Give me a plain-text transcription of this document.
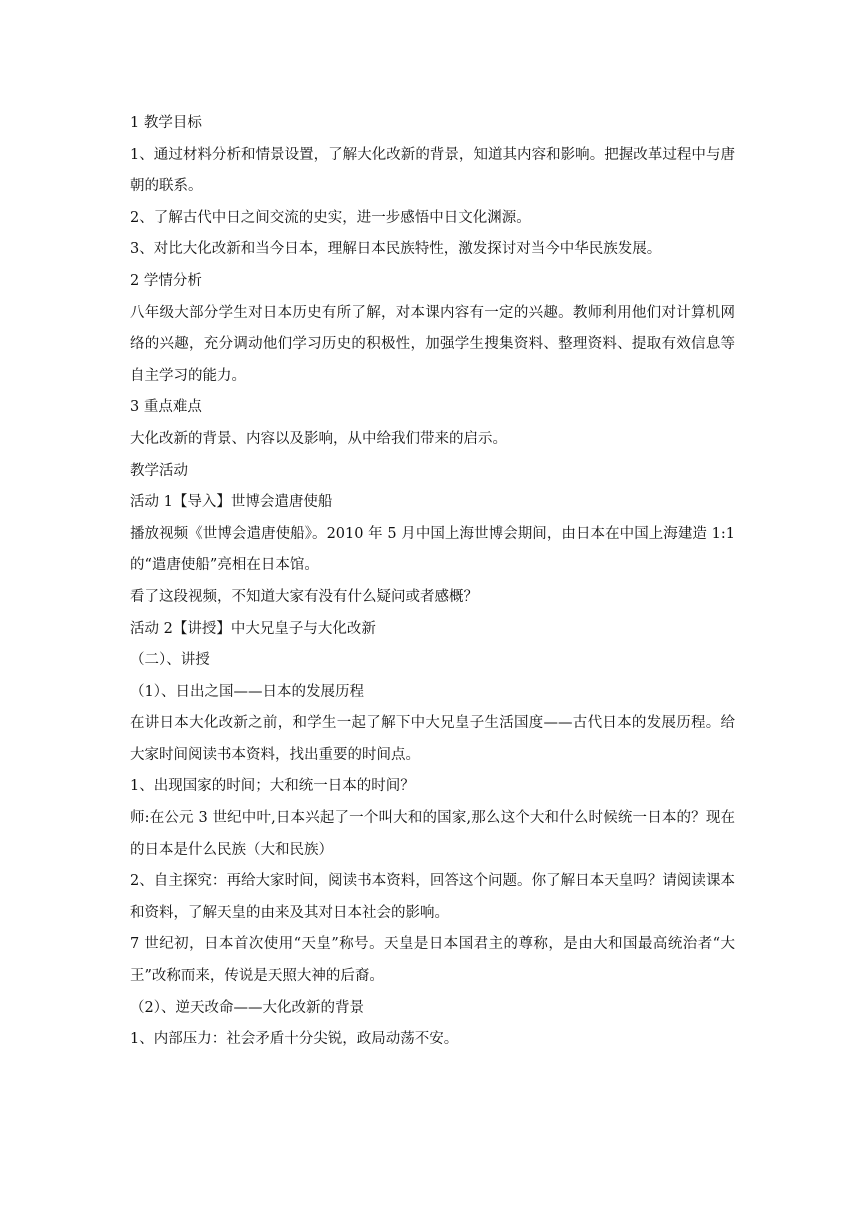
1 教学目标

1、通过材料分析和情景设置，了解大化改新的背景，知道其内容和影响。把握改革过程中与唐朝的联系。

2、了解古代中日之间交流的史实，进一步感悟中日文化渊源。

3、对比大化改新和当今日本，理解日本民族特性，激发探讨对当今中华民族发展。

2 学情分析

八年级大部分学生对日本历史有所了解，对本课内容有一定的兴趣。教师利用他们对计算机网络的兴趣，充分调动他们学习历史的积极性，加强学生搜集资料、整理资料、提取有效信息等自主学习的能力。

3 重点难点

大化改新的背景、内容以及影响，从中给我们带来的启示。

教学活动

活动 1【导入】世博会遣唐使船

播放视频《世博会遣唐使船》。2010 年 5 月中国上海世博会期间，由日本在中国上海建造 1:1 的“遣唐使船”亮相在日本馆。

看了这段视频，不知道大家有没有什么疑问或者感概？

活动 2【讲授】中大兄皇子与大化改新

（二）、讲授

（1）、日出之国——日本的发展历程

在讲日本大化改新之前，和学生一起了解下中大兄皇子生活国度——古代日本的发展历程。给大家时间阅读书本资料，找出重要的时间点。

1、出现国家的时间；大和统一日本的时间？

师:在公元 3 世纪中叶,日本兴起了一个叫大和的国家,那么这个大和什么时候统一日本的？现在的日本是什么民族（大和民族）

2、自主探究：再给大家时间，阅读书本资料，回答这个问题。你了解日本天皇吗？请阅读课本和资料，了解天皇的由来及其对日本社会的影响。

7 世纪初，日本首次使用“天皇”称号。天皇是日本国君主的尊称，是由大和国最高统治者“大王”改称而来，传说是天照大神的后裔。

（2）、逆天改命——大化改新的背景

1、内部压力：社会矛盾十分尖锐，政局动荡不安。
